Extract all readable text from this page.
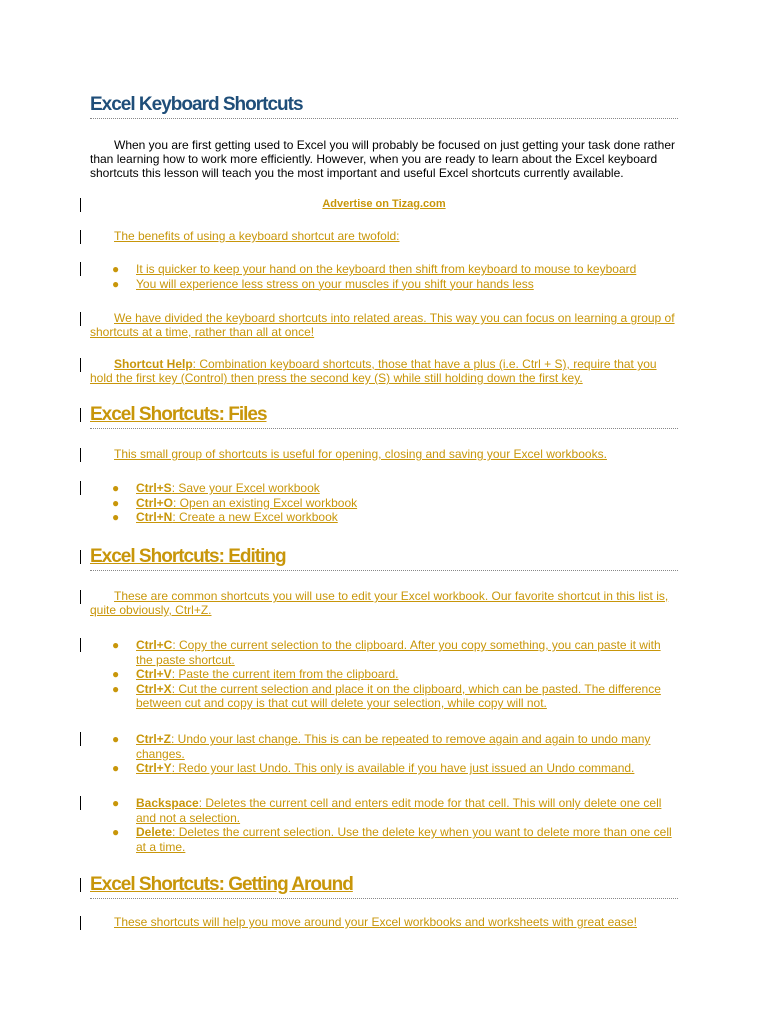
Excel Keyboard Shortcuts
When you are first getting used to Excel you will probably be focused on just getting your task done rather than learning how to work more efficiently. However, when you are ready to learn about the Excel keyboard shortcuts this lesson will teach you the most important and useful Excel shortcuts currently available.
Advertise on Tizag.com
The benefits of using a keyboard shortcut are twofold:
● It is quicker to keep your hand on the keyboard then shift from keyboard to mouse to keyboard
● You will experience less stress on your muscles if you shift your hands less
We have divided the keyboard shortcuts into related areas. This way you can focus on learning a group of shortcuts at a time, rather than all at once!
Shortcut Help: Combination keyboard shortcuts, those that have a plus (i.e. Ctrl + S), require that you hold the first key (Control) then press the second key (S) while still holding down the first key.
Excel Shortcuts: Files
This small group of shortcuts is useful for opening, closing and saving your Excel workbooks.
● Ctrl+S: Save your Excel workbook
● Ctrl+O: Open an existing Excel workbook
● Ctrl+N: Create a new Excel workbook
Excel Shortcuts: Editing
These are common shortcuts you will use to edit your Excel workbook. Our favorite shortcut in this list is, quite obviously, Ctrl+Z.
● Ctrl+C: Copy the current selection to the clipboard. After you copy something, you can paste it with the paste shortcut.
● Ctrl+V: Paste the current item from the clipboard.
● Ctrl+X: Cut the current selection and place it on the clipboard, which can be pasted. The difference between cut and copy is that cut will delete your selection, while copy will not.
● Ctrl+Z: Undo your last change. This is can be repeated to remove again and again to undo many changes.
● Ctrl+Y: Redo your last Undo. This only is available if you have just issued an Undo command.
● Backspace: Deletes the current cell and enters edit mode for that cell. This will only delete one cell and not a selection.
● Delete: Deletes the current selection. Use the delete key when you want to delete more than one cell at a time.
Excel Shortcuts: Getting Around
These shortcuts will help you move around your Excel workbooks and worksheets with great ease!
